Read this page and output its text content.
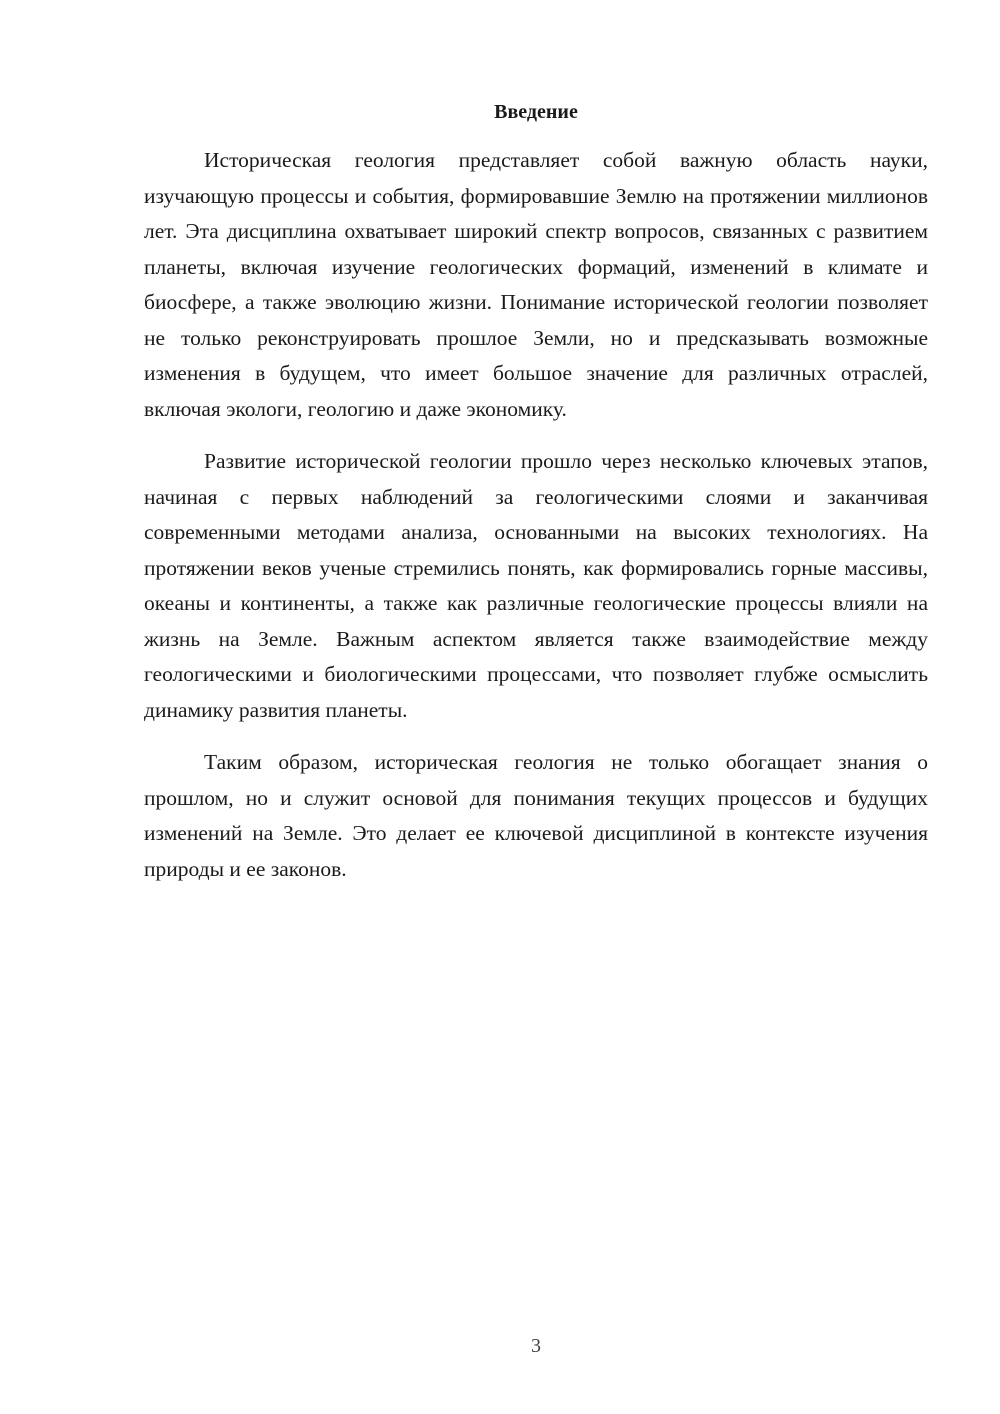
Введение

Историческая геология представляет собой важную область науки, изучающую процессы и события, формировавшие Землю на протяжении миллионов лет. Эта дисциплина охватывает широкий спектр вопросов, связанных с развитием планеты, включая изучение геологических формаций, изменений в климате и биосфере, а также эволюцию жизни. Понимание исторической геологии позволяет не только реконструировать прошлое Земли, но и предсказывать возможные изменения в будущем, что имеет большое значение для различных отраслей, включая экологи, геологию и даже экономику.

Развитие исторической геологии прошло через несколько ключевых этапов, начиная с первых наблюдений за геологическими слоями и заканчивая современными методами анализа, основанными на высоких технологиях. На протяжении веков ученые стремились понять, как формировались горные массивы, океаны и континенты, а также как различные геологические процессы влияли на жизнь на Земле. Важным аспектом является также взаимодействие между геологическими и биологическими процессами, что позволяет глубже осмыслить динамику развития планеты.

Таким образом, историческая геология не только обогащает знания о прошлом, но и служит основой для понимания текущих процессов и будущих изменений на Земле. Это делает ее ключевой дисциплиной в контексте изучения природы и ее законов.

3
